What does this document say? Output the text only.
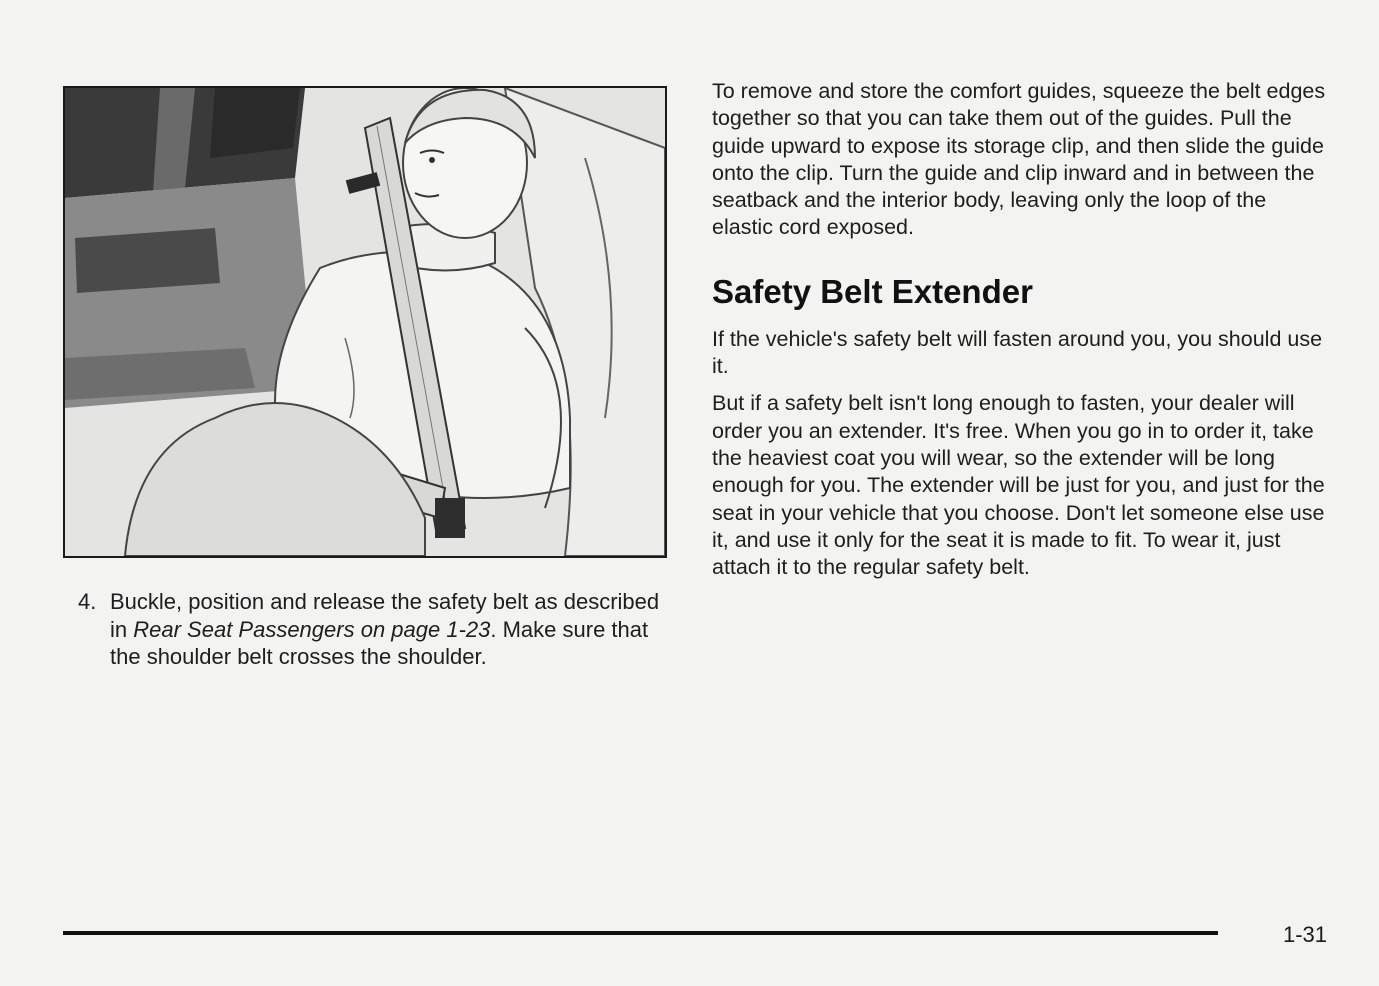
4. Buckle, position and release the safety belt as described in Rear Seat Passengers on page 1-23. Make sure that the shoulder belt crosses the shoulder.

To remove and store the comfort guides, squeeze the belt edges together so that you can take them out of the guides. Pull the guide upward to expose its storage clip, and then slide the guide onto the clip. Turn the guide and clip inward and in between the seatback and the interior body, leaving only the loop of the elastic cord exposed.

Safety Belt Extender

If the vehicle's safety belt will fasten around you, you should use it.

But if a safety belt isn't long enough to fasten, your dealer will order you an extender. It's free. When you go in to order it, take the heaviest coat you will wear, so the extender will be long enough for you. The extender will be just for you, and just for the seat in your vehicle that you choose. Don't let someone else use it, and use it only for the seat it is made to fit. To wear it, just attach it to the regular safety belt.

1-31
